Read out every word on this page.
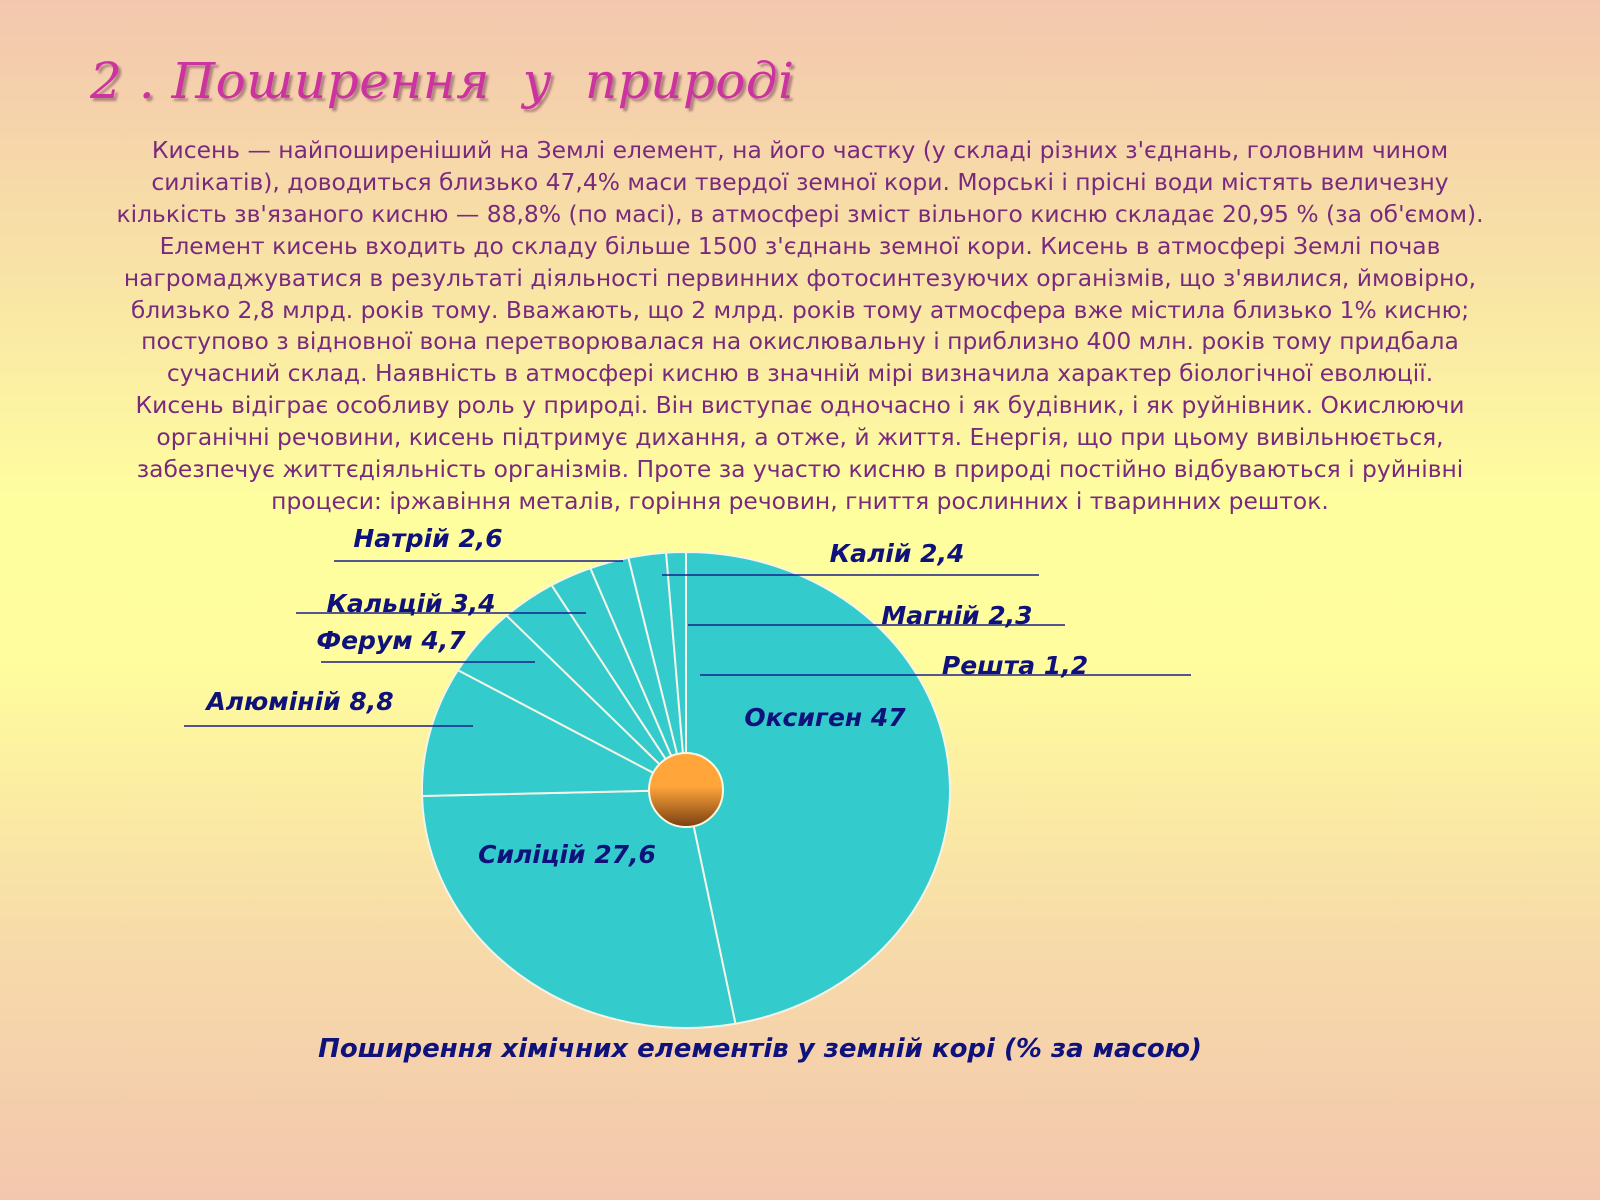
2 . Поширення  у  природі
Кисень — найпоширеніший на Землі елемент, на його частку (у складі різних з'єднань, головним чином
силікатів), доводиться близько 47,4% маси твердої земної кори. Морські і прісні води містять величезну
кількість зв'язаного кисню — 88,8% (по масі), в атмосфері зміст вільного кисню складає 20,95 % (за об'ємом).
Елемент кисень входить до складу більше 1500 з'єднань земної кори. Кисень в атмосфері Землі почав
нагромаджуватися в результаті діяльності первинних фотосинтезуючих організмів, що з'явилися, ймовірно,
близько 2,8 млрд. років тому. Вважають, що 2 млрд. років тому атмосфера вже містила близько 1% кисню;
поступово з відновної вона перетворювалася на окислювальну і приблизно 400 млн. років тому придбала
сучасний склад. Наявність в атмосфері кисню в значній мірі визначила характер біологічної еволюції.
Кисень відіграє особливу роль у природі. Він виступає одночасно і як будівник, і як руйнівник. Окислюючи
органічні речовини, кисень підтримує дихання, а отже, й життя. Енергія, що при цьому вивільнюється,
забезпечує життєдіяльність організмів. Проте за участю кисню в природі постійно відбуваються і руйнівні
процеси: іржавіння металів, горіння речовин, гниття рослинних і тваринних решток.
Оксиген 47
Силіцій 27,6
Алюміній 8,8
Ферум 4,7
Кальцій 3,4
Натрій 2,6
Калій 2,4
Магній 2,3
Решта 1,2

Поширення хімічних елементів у земній корі (% за масою)
